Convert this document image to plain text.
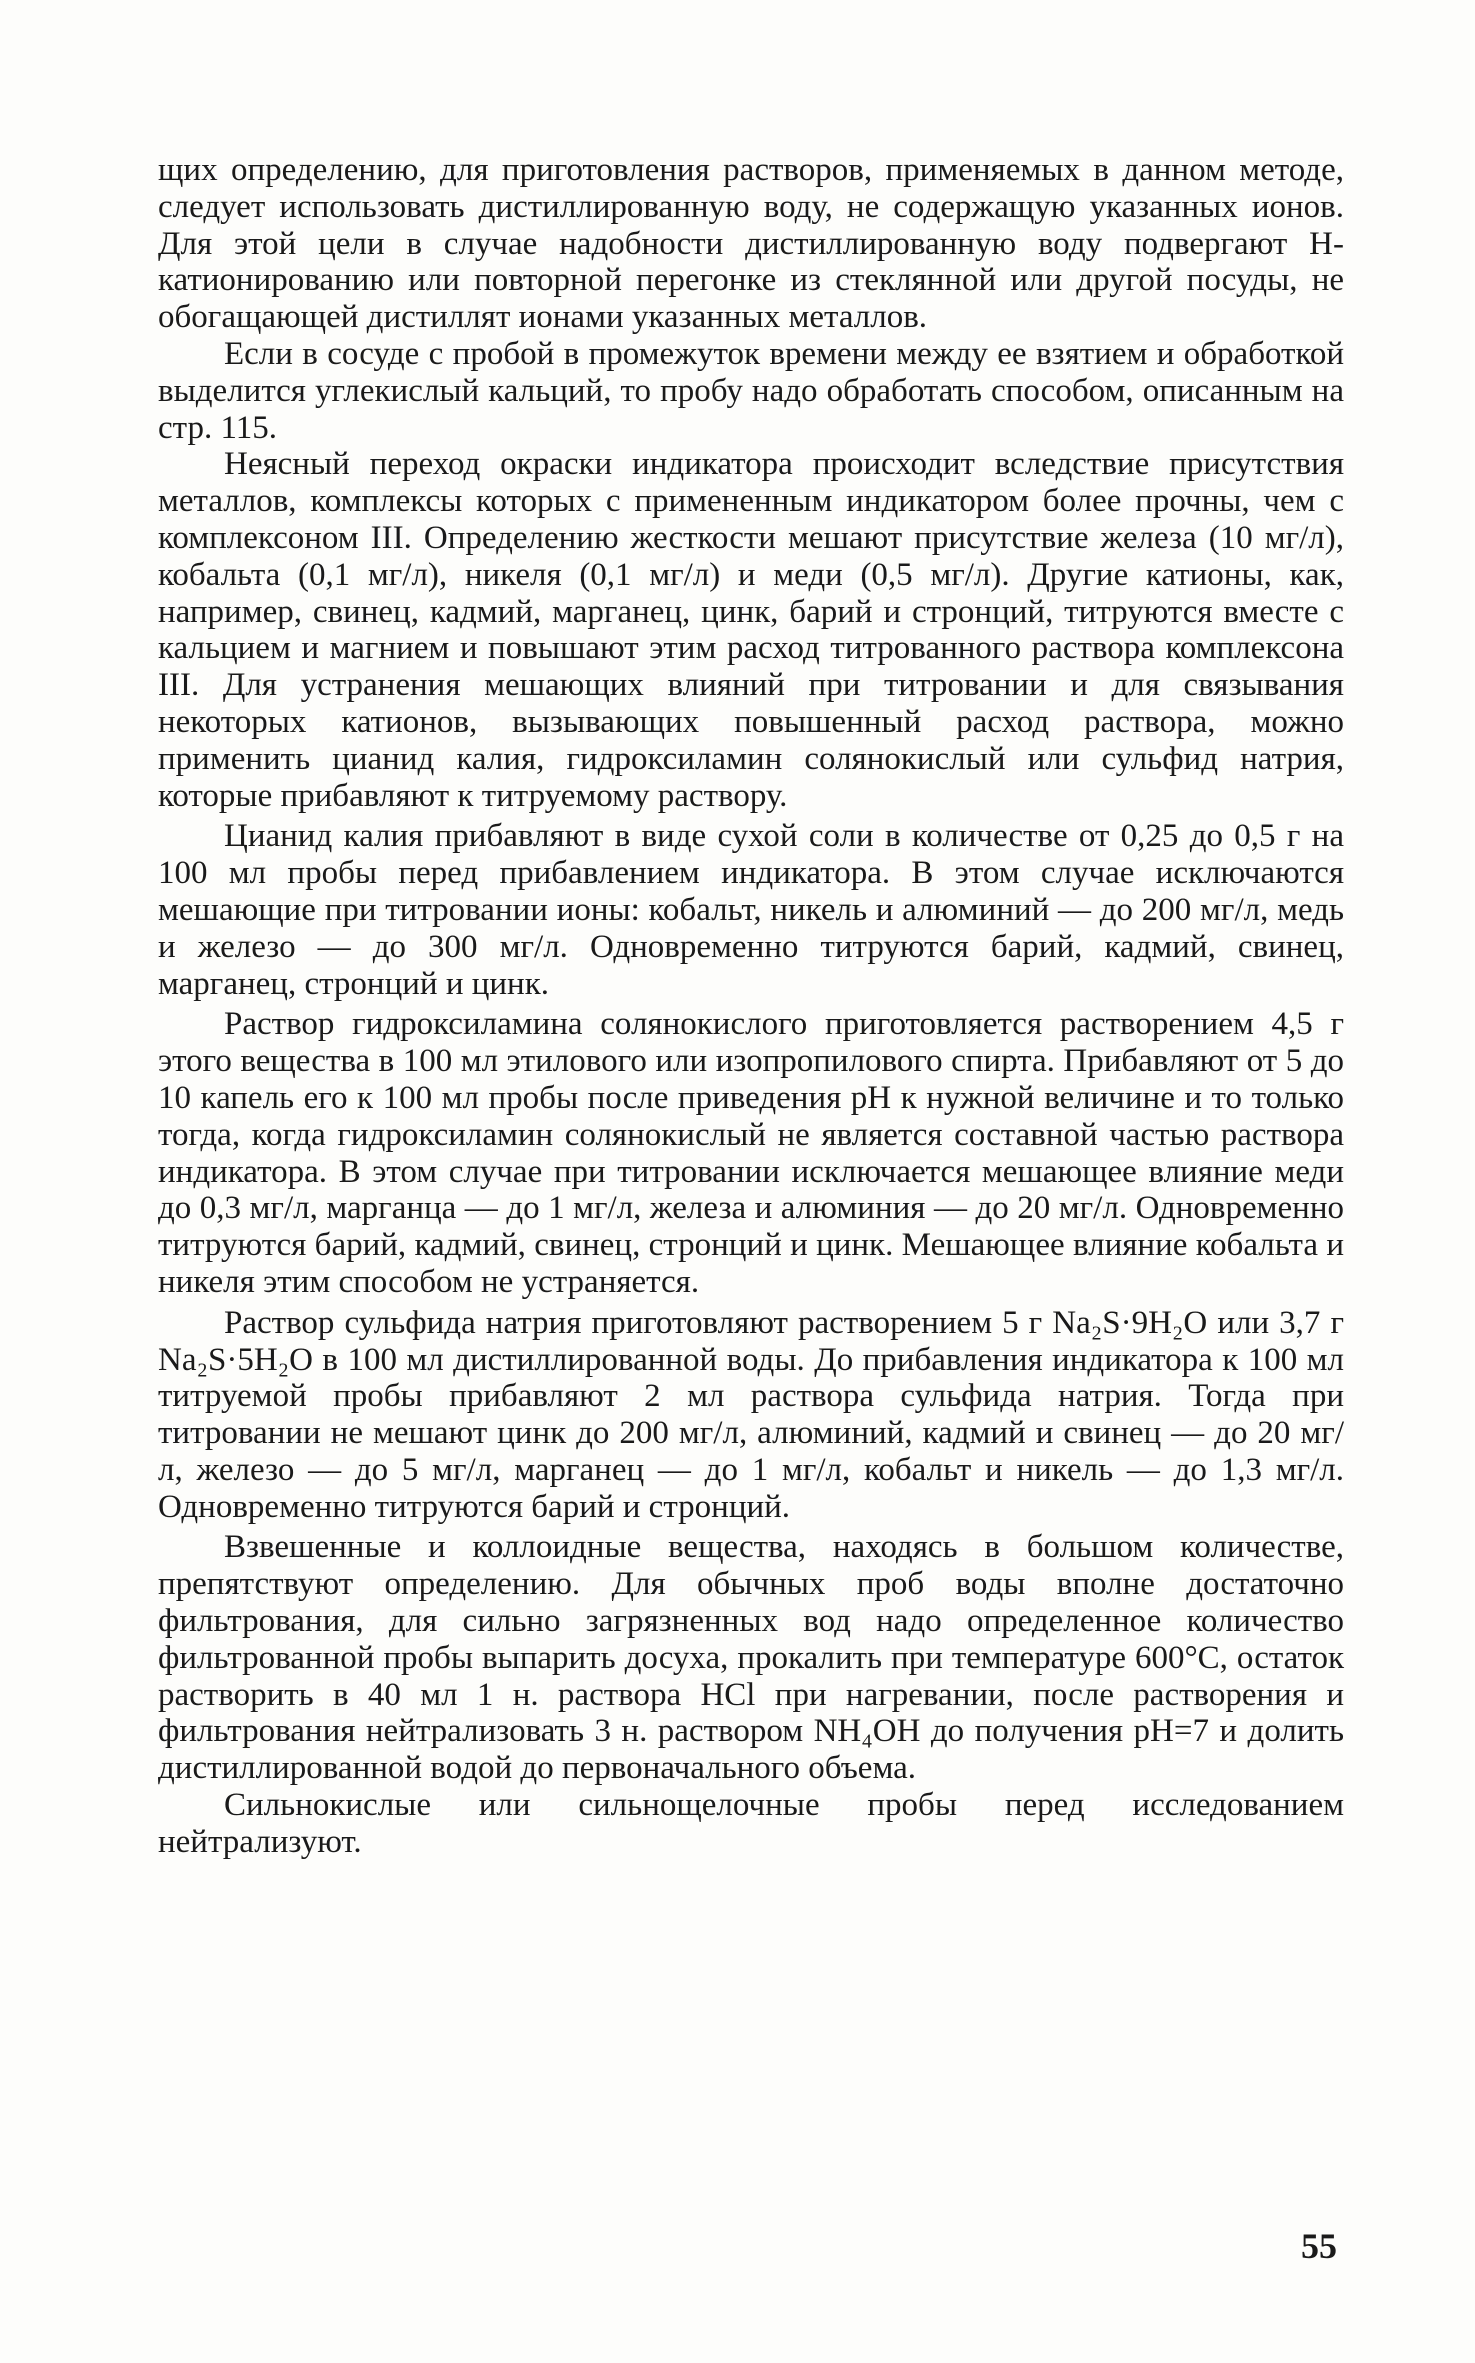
щих определению, для приготовления растворов, применяемых в данном методе, следует использовать дистиллированную воду, не содержащую указанных ионов. Для этой цели в случае надобности дистиллированную воду подвергают Н-катионированию или повторной перегонке из стеклянной или другой посуды, не обогащающей дистиллят ионами указанных металлов.

Если в сосуде с пробой в промежуток времени между ее взятием и обработкой выделится углекислый кальций, то пробу надо обработать способом, описанным на стр. 115.

Неясный переход окраски индикатора происходит вследствие присутствия металлов, комплексы которых с примененным индикатором более прочны, чем с комплексоном III. Определению жесткости мешают присутствие железа (10 мг/л), кобальта (0,1 мг/л), никеля (0,1 мг/л) и меди (0,5 мг/л). Другие катионы, как, например, свинец, кадмий, марганец, цинк, барий и стронций, титруются вместе с кальцием и магнием и повышают этим расход титрованного раствора комплексона III. Для устранения мешающих влияний при титровании и для связывания некоторых катионов, вызывающих повышенный расход раствора, можно применить цианид калия, гидроксиламин солянокислый или сульфид натрия, которые прибавляют к титруемому раствору.

Цианид калия прибавляют в виде сухой соли в количестве от 0,25 до 0,5 г на 100 мл пробы перед прибавлением индикатора. В этом случае исключаются мешающие при титровании ионы: кобальт, никель и алюминий — до 200 мг/л, медь и железо — до 300 мг/л. Одновременно титруются барий, кадмий, свинец, марганец, стронций и цинк.

Раствор гидроксиламина солянокислого приготовляется растворением 4,5 г этого вещества в 100 мл этилового или изопропилового спирта. Прибавляют от 5 до 10 капель его к 100 мл пробы после приведения рН к нужной величине и то только тогда, когда гидроксиламин солянокислый не является составной частью раствора индикатора. В этом случае при титровании исключается мешающее влияние меди до 0,3 мг/л, марганца — до 1 мг/л, железа и алюминия — до 20 мг/л. Одновременно титруются барий, кадмий, свинец, стронций и цинк. Мешающее влияние кобальта и никеля этим способом не устраняется.

Раствор сульфида натрия приготовляют растворением 5 г Na₂S·9H₂O или 3,7 г Na₂S·5H₂O в 100 мл дистиллированной воды. До прибавления индикатора к 100 мл титруемой пробы прибавляют 2 мл раствора сульфида натрия. Тогда при титровании не мешают цинк до 200 мг/л, алюминий, кадмий и свинец — до 20 мг/л, железо — до 5 мг/л, марганец — до 1 мг/л, кобальт и никель — до 1,3 мг/л. Одновременно титруются барий и стронций.

Взвешенные и коллоидные вещества, находясь в большом количестве, препятствуют определению. Для обычных проб воды вполне достаточно фильтрования, для сильно загрязненных вод надо определенное количество фильтрованной пробы выпарить досуха, прокалить при температуре 600°С, остаток растворить в 40 мл 1 н. раствора HCl при нагревании, после растворения и фильтрования нейтрализовать 3 н. раствором NH₄OH до получения pH=7 и долить дистиллированной водой до первоначального объема.

Сильнокислые или сильнощелочные пробы перед исследованием нейтрализуют.

55
